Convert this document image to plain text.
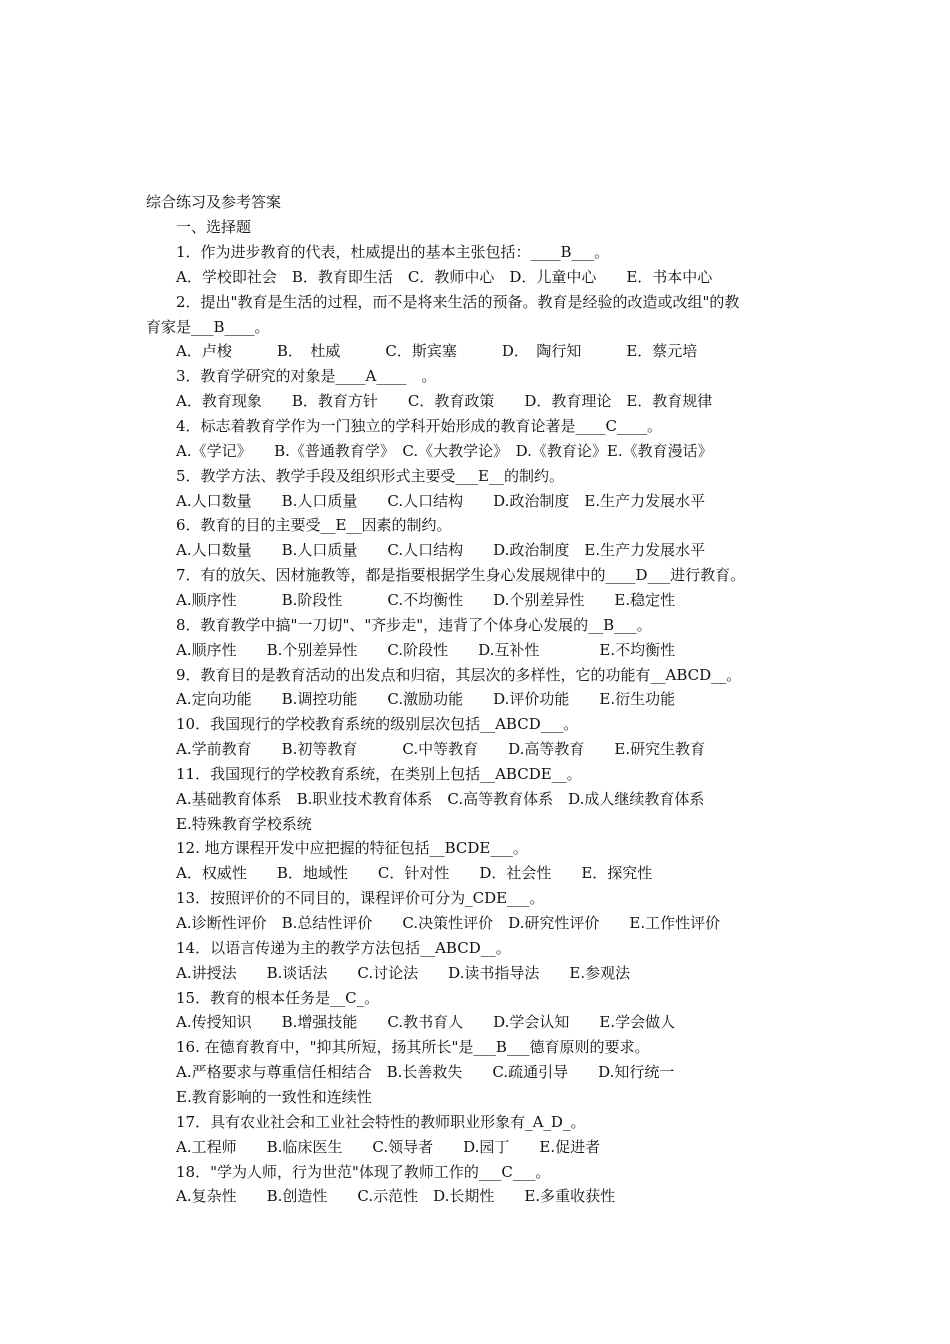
综合练习及参考答案
一、选择题
1．作为进步教育的代表，杜威提出的基本主张包括：____B___。
A．学校即社会　B．教育即生活　C．教师中心　D．儿童中心　　E．书本中心
2．提出"教育是生活的过程，而不是将来生活的预备。教育是经验的改造或改组"的教
育家是___B____。
A．卢梭　　　B．　杜威　　　C．斯宾塞　　　D．　陶行知　　　E．蔡元培
3．教育学研究的对象是____A____　。
A．教育现象　　B．教育方针　　C．教育政策　　D．教育理论　E．教育规律
4．标志着教育学作为一门独立的学科开始形成的教育论著是____C____。
A.《学记》　　B.《普通教育学》　C.《大教学论》　D.《教育论》E.《教育漫话》
5．教学方法、教学手段及组织形式主要受___E__的制约。
A.人口数量　　B.人口质量　　C.人口结构　　D.政治制度　E.生产力发展水平
6．教育的目的主要受__E__因素的制约。
A.人口数量　　B.人口质量　　C.人口结构　　D.政治制度　E.生产力发展水平
7．有的放矢、因材施教等，都是指要根据学生身心发展规律中的____D___进行教育。
A.顺序性　　　B.阶段性　　　C.不均衡性　　D.个别差异性　　E.稳定性
8．教育教学中搞"一刀切"、"齐步走"，违背了个体身心发展的__B___。
A.顺序性　　B.个别差异性　　C.阶段性　　D.互补性　　　　E.不均衡性
9．教育目的是教育活动的出发点和归宿，其层次的多样性，它的功能有__ABCD__。
A.定向功能　　B.调控功能　　C.激励功能　　D.评价功能　　E.衍生功能
10．我国现行的学校教育系统的级别层次包括__ABCD___。
A.学前教育　　B.初等教育　　　C.中等教育　　D.高等教育　　E.研究生教育
11．我国现行的学校教育系统，在类别上包括__ABCDE__。
A.基础教育体系　B.职业技术教育体系　C.高等教育体系　D.成人继续教育体系
E.特殊教育学校系统
12. 地方课程开发中应把握的特征包括__BCDE___。
A．权威性　　B．地域性　　C．针对性　　D．社会性　　E．探究性
13．按照评价的不同目的，课程评价可分为_CDE___。
A.诊断性评价　B.总结性评价　　C.决策性评价　D.研究性评价　　E.工作性评价
14．以语言传递为主的教学方法包括__ABCD__。
A.讲授法　　B.谈话法　　C.讨论法　　D.读书指导法　　E.参观法
15．教育的根本任务是__C_。
A.传授知识　　B.增强技能　　C.教书育人　　D.学会认知　　E.学会做人
16. 在德育教育中，"抑其所短，扬其所长"是___B___德育原则的要求。
A.严格要求与尊重信任相结合　B.长善救失　　C.疏通引导　　D.知行统一
E.教育影响的一致性和连续性
17．具有农业社会和工业社会特性的教师职业形象有_A_D_。
A.工程师　　B.临床医生　　C.领导者　　D.园丁　　E.促进者
18．"学为人师，行为世范"体现了教师工作的___C___。
A.复杂性　　B.创造性　　C.示范性　D.长期性　　E.多重收获性
